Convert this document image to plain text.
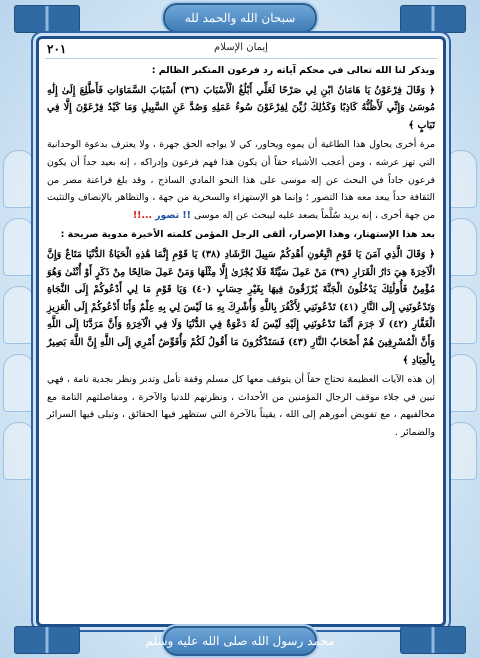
سبحان الله والحمد لله
٢٠١	إيمان الإسلام

ويذكر لنا الله تعالى في محكم آياته رد فرعون المتكبر الظالم :

﴿ وَقَالَ فِرْعَوْنُ يَا هَامَانُ ابْنِ لِي صَرْحًا لَعَلِّي أَبْلُغُ الْأَسْبَابَ (٣٦) أَسْبَابَ السَّمَاوَاتِ فَأَطَّلِعَ إِلَىٰ إِلَٰهِ مُوسَىٰ وَإِنِّي لَأَظُنُّهُ كَاذِبًا وَكَذَٰلِكَ زُيِّنَ لِفِرْعَوْنَ سُوءُ عَمَلِهِ وَصُدَّ عَنِ السَّبِيلِ وَمَا كَيْدُ فِرْعَوْنَ إِلَّا فِي تَبَابٍ ﴾

مرة أخرى يحاول هذا الطاغية أن يموه ويحاور، كي لا يواجه الحق جهرة ، ولا يعترف بدعوة الوحدانية التي تهز عرشه ، ومن أعجب الأشياء حقاً أن يكون هذا فهم فرعون وإدراكه ، إنه بعيد جداً أن يكون فرعون جاداً في البحث عن إله موسى على هذا النحو المادي الساذج ، وقد بلغ فراعنة مصر من الثقافة حداً يبعد معه هذا التصور ؛ وإنما هو الإستهزاء والسخرية من جهة ، والتظاهر بالإنصاف والتثبت من جهة أخرى ، إنه يريد سُلَّماً يصعد عليه ليبحث عن إله موسى !! تصور ...!!

بعد هذا الإستهتار، وهذا الإصرار، ألقى الرجل المؤمن كلمته الأخيرة مدوية صريحة :

﴿ وَقَالَ الَّذِي آمَنَ يَا قَوْمِ اتَّبِعُونِ أَهْدِكُمْ سَبِيلَ الرَّشَادِ (٣٨) يَا قَوْمِ إِنَّمَا هَٰذِهِ الْحَيَاةُ الدُّنْيَا مَتَاعٌ وَإِنَّ الْآخِرَةَ هِيَ دَارُ الْقَرَارِ (٣٩) مَنْ عَمِلَ سَيِّئَةً فَلَا يُجْزَىٰ إِلَّا مِثْلَهَا وَمَنْ عَمِلَ صَالِحًا مِنْ ذَكَرٍ أَوْ أُنْثَىٰ وَهُوَ مُؤْمِنٌ فَأُولَٰئِكَ يَدْخُلُونَ الْجَنَّةَ يُرْزَقُونَ فِيهَا بِغَيْرِ حِسَابٍ (٤٠) وَيَا قَوْمِ مَا لِي أَدْعُوكُمْ إِلَى النَّجَاةِ وَتَدْعُونَنِي إِلَى النَّارِ (٤١) تَدْعُونَنِي لِأَكْفُرَ بِاللَّهِ وَأُشْرِكَ بِهِ مَا لَيْسَ لِي بِهِ عِلْمٌ وَأَنَا أَدْعُوكُمْ إِلَى الْعَزِيزِ الْغَفَّارِ (٤٢) لَا جَرَمَ أَنَّمَا تَدْعُونَنِي إِلَيْهِ لَيْسَ لَهُ دَعْوَةٌ فِي الدُّنْيَا وَلَا فِي الْآخِرَةِ وَأَنَّ مَرَدَّنَا إِلَى اللَّهِ وَأَنَّ الْمُسْرِفِينَ هُمْ أَصْحَابُ النَّارِ (٤٣) فَسَتَذْكُرُونَ مَا أَقُولُ لَكُمْ وَأُفَوِّضُ أَمْرِي إِلَى اللَّهِ إِنَّ اللَّهَ بَصِيرٌ بِالْعِبَادِ ﴾

إن هذه الآيات العظيمة تحتاج حقاً أن يتوقف معها كل مسلم وقفة تأمل وتدبر ونظر بجدية تامة ، فهي تبين في جلاء موقف الرجال المؤمنين من الأحداث ، ونظرتهم للدنيا والآخرة ، ومفاصلتهم التامة مع مخالفيهم ، مع تفويض أمورهم إلى الله ، يقيناً بالآخرة التي ستظهر فيها الحقائق ، وتبلى فيها السرائر والضمائر .

محمد رسول الله صلى الله عليه وسلم
